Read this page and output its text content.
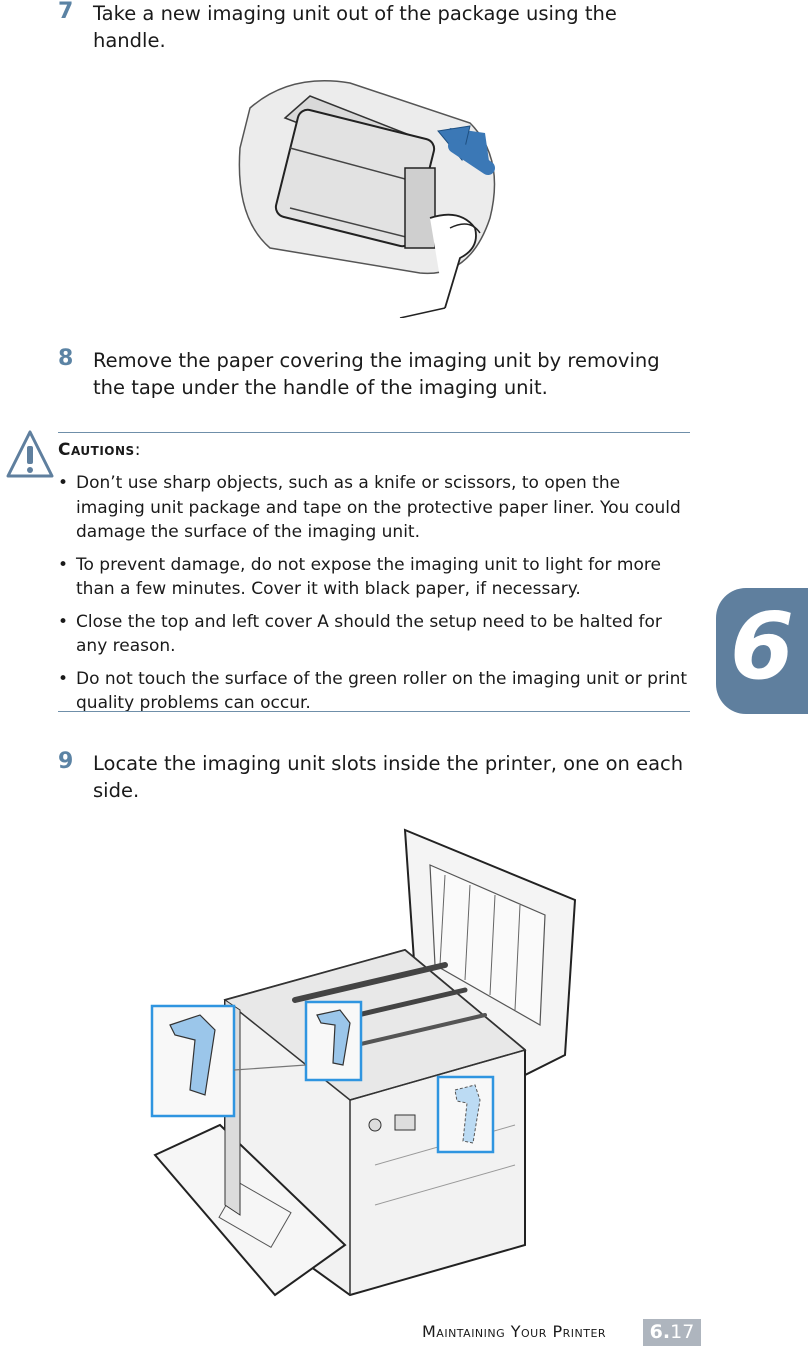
6
7 Take a new imaging unit out of the package using the handle.
8 Remove the paper covering the imaging unit by removing the tape under the handle of the imaging unit.
Cautions:
• Don’t use sharp objects, such as a knife or scissors, to open the imaging unit package and tape on the protective paper liner. You could damage the surface of the imaging unit.
• To prevent damage, do not expose the imaging unit to light for more than a few minutes. Cover it with black paper, if necessary.
• Close the top and left cover A should the setup need to be halted for any reason.
• Do not touch the surface of the green roller on the imaging unit or print quality problems can occur.
9 Locate the imaging unit slots inside the printer, one on each side.
Maintaining Your Printer	6.17
